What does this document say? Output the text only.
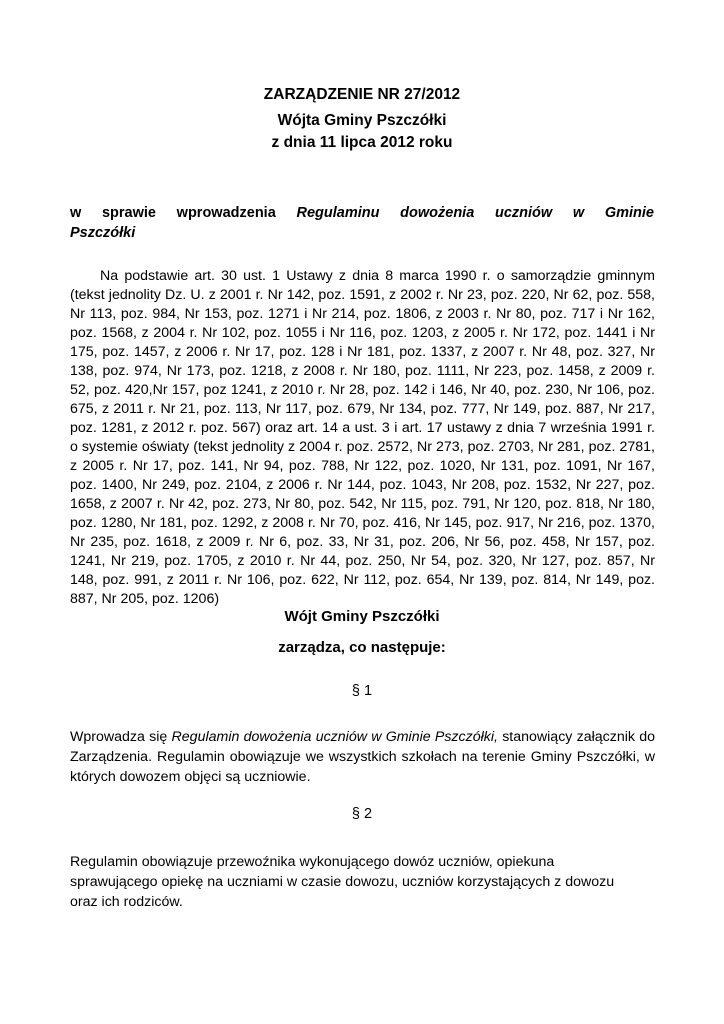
ZARZĄDZENIE NR 27/2012
Wójta Gminy Pszczółki
z dnia 11 lipca 2012 roku
w sprawie wprowadzenia Regulaminu dowożenia uczniów w Gminie
Pszczółki
Na podstawie art. 30 ust. 1 Ustawy z dnia 8 marca 1990 r. o samorządzie gminnym (tekst jednolity Dz. U. z 2001 r. Nr 142, poz. 1591, z 2002 r. Nr 23, poz. 220, Nr 62, poz. 558, Nr 113, poz. 984, Nr 153, poz. 1271 i Nr 214, poz. 1806, z 2003 r. Nr 80, poz. 717 i Nr 162, poz. 1568, z 2004 r. Nr 102, poz. 1055 i Nr 116, poz. 1203, z 2005 r. Nr 172, poz. 1441 i Nr 175, poz. 1457, z 2006 r. Nr 17, poz. 128 i Nr 181, poz. 1337, z 2007 r. Nr 48, poz. 327, Nr 138, poz. 974, Nr 173, poz. 1218, z 2008 r. Nr 180, poz. 1111, Nr 223, poz. 1458, z 2009 r. 52, poz. 420,Nr 157, poz 1241, z 2010 r. Nr 28, poz. 142 i 146, Nr 40, poz. 230, Nr 106, poz. 675, z 2011 r. Nr 21, poz. 113, Nr 117, poz. 679, Nr 134, poz. 777, Nr 149, poz. 887, Nr 217, poz. 1281, z 2012 r. poz. 567) oraz art. 14 a ust. 3 i art. 17 ustawy z dnia 7 września 1991 r. o systemie oświaty (tekst jednolity z 2004 r. poz. 2572, Nr 273, poz. 2703, Nr 281, poz. 2781, z 2005 r. Nr 17, poz. 141, Nr 94, poz. 788, Nr 122, poz. 1020, Nr 131, poz. 1091, Nr 167, poz. 1400, Nr 249, poz. 2104, z 2006 r. Nr 144, poz. 1043, Nr 208, poz. 1532, Nr 227, poz. 1658, z 2007 r. Nr 42, poz. 273, Nr 80, poz. 542, Nr 115, poz. 791, Nr 120, poz. 818, Nr 180, poz. 1280, Nr 181, poz. 1292, z 2008 r. Nr 70, poz. 416, Nr 145, poz. 917, Nr 216, poz. 1370, Nr 235, poz. 1618, z 2009 r. Nr 6, poz. 33, Nr 31, poz. 206, Nr 56, poz. 458, Nr 157, poz. 1241, Nr 219, poz. 1705, z 2010 r. Nr 44, poz. 250, Nr 54, poz. 320, Nr 127, poz. 857, Nr 148, poz. 991, z 2011 r. Nr 106, poz. 622, Nr 112, poz. 654, Nr 139, poz. 814, Nr 149, poz. 887, Nr 205, poz. 1206)
Wójt Gminy Pszczółki
zarządza, co następuje:
§ 1
Wprowadza się Regulamin dowożenia uczniów w Gminie Pszczółki, stanowiący załącznik do Zarządzenia. Regulamin obowiązuje we wszystkich szkołach na terenie Gminy Pszczółki, w których dowozem objęci są uczniowie.
§ 2
Regulamin obowiązuje przewoźnika wykonującego dowóz uczniów, opiekuna
sprawującego opiekę na uczniami w czasie dowozu, uczniów korzystających z dowozu
oraz ich rodziców.
